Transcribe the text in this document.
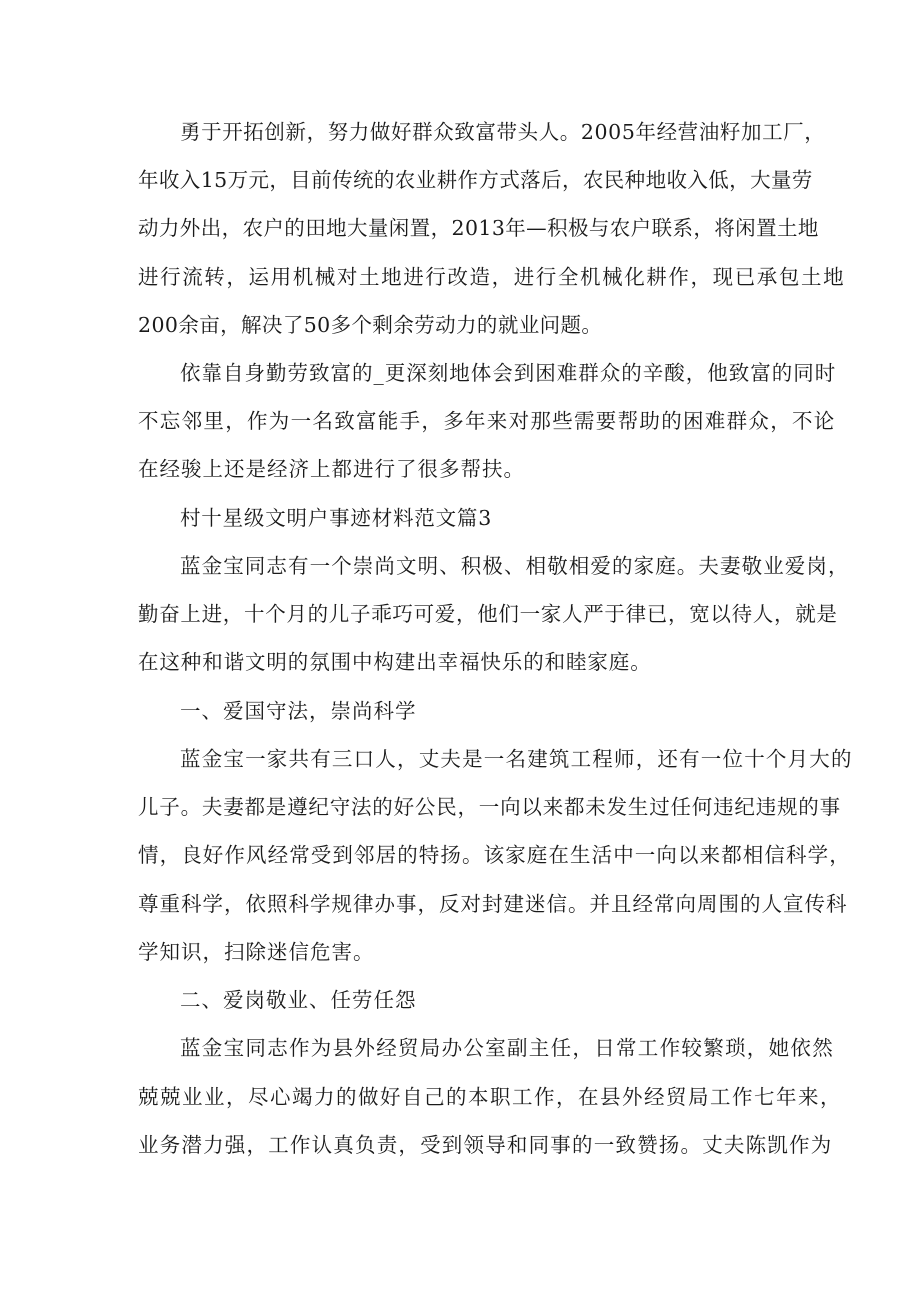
勇于开拓创新，努力做好群众致富带头人。2005年经营油籽加工厂，

年收入15万元，目前传统的农业耕作方式落后，农民种地收入低，大量劳

动力外出，农户的田地大量闲置，2013年—积极与农户联系，将闲置土地

进行流转，运用机械对土地进行改造，进行全机械化耕作，现已承包土地

200余亩，解决了50多个剩余劳动力的就业问题。

依靠自身勤劳致富的_更深刻地体会到困难群众的辛酸，他致富的同时

不忘邻里，作为一名致富能手，多年来对那些需要帮助的困难群众，不论

在经骏上还是经济上都进行了很多帮扶。

村十星级文明户事迹材料范文篇3

蓝金宝同志有一个崇尚文明、积极、相敬相爱的家庭。夫妻敬业爱岗，

勤奋上进，十个月的儿子乖巧可爱，他们一家人严于律已，宽以待人，就是

在这种和谐文明的氛围中构建出幸福快乐的和睦家庭。

一、爱国守法，崇尚科学

蓝金宝一家共有三口人，丈夫是一名建筑工程师，还有一位十个月大的

儿子。夫妻都是遵纪守法的好公民，一向以来都未发生过任何违纪违规的事

情，良好作风经常受到邻居的特扬。该家庭在生活中一向以来都相信科学，

尊重科学，依照科学规律办事，反对封建迷信。并且经常向周围的人宣传科

学知识，扫除迷信危害。

二、爱岗敬业、任劳任怨

蓝金宝同志作为县外经贸局办公室副主任，日常工作较繁琐，她依然

兢兢业业，尽心竭力的做好自己的本职工作，在县外经贸局工作七年来，

业务潜力强，工作认真负责，受到领导和同事的一致赞扬。丈夫陈凯作为
